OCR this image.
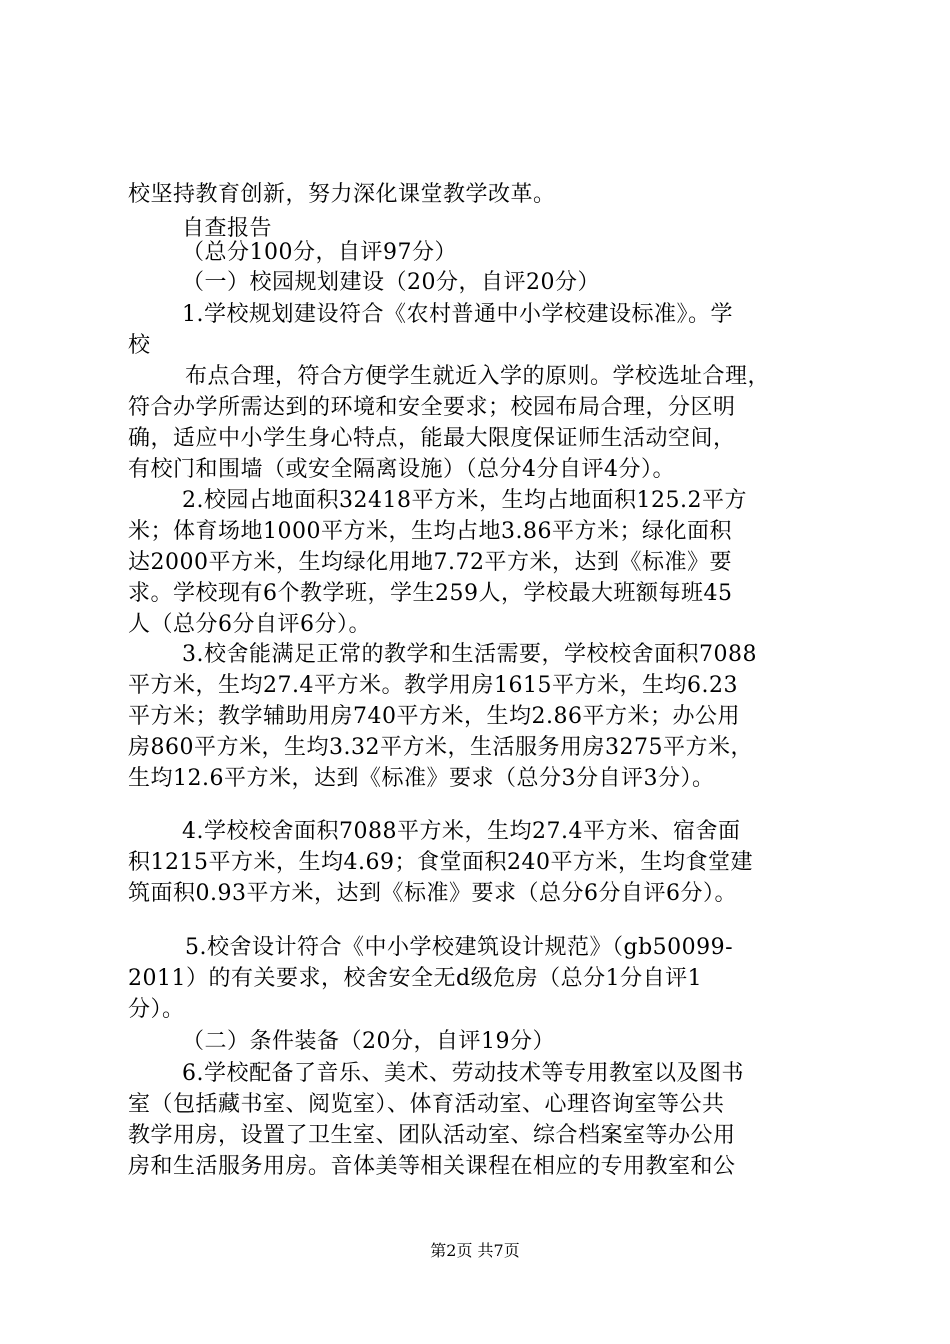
校坚持教育创新，努力深化课堂教学改革。
自查报告
（总分100分，自评97分）
（一）校园规划建设（20分，自评20分）
1.学校规划建设符合《农村普通中小学校建设标准》。学
校
布点合理，符合方便学生就近入学的原则。学校选址合理，
符合办学所需达到的环境和安全要求；校园布局合理，分区明
确，适应中小学生身心特点，能最大限度保证师生活动空间，
有校门和围墙（或安全隔离设施）（总分4分自评4分）。
2.校园占地面积32418平方米，生均占地面积125.2平方
米；体育场地1000平方米，生均占地3.86平方米；绿化面积
达2000平方米，生均绿化用地7.72平方米，达到《标准》要
求。学校现有6个教学班，学生259人，学校最大班额每班45
人（总分6分自评6分）。
3.校舍能满足正常的教学和生活需要，学校校舍面积7088
平方米，生均27.4平方米。教学用房1615平方米，生均6.23
平方米；教学辅助用房740平方米，生均2.86平方米；办公用
房860平方米，生均3.32平方米，生活服务用房3275平方米，
生均12.6平方米，达到《标准》要求（总分3分自评3分）。
4.学校校舍面积7088平方米，生均27.4平方米、宿舍面
积1215平方米，生均4.69；食堂面积240平方米，生均食堂建
筑面积0.93平方米，达到《标准》要求（总分6分自评6分）。
5.校舍设计符合《中小学校建筑设计规范》（gb50099-
2011）的有关要求，校舍安全无d级危房（总分1分自评1
分）。
（二）条件装备（20分，自评19分）
6.学校配备了音乐、美术、劳动技术等专用教室以及图书
室（包括藏书室、阅览室）、体育活动室、心理咨询室等公共
教学用房，设置了卫生室、团队活动室、综合档案室等办公用
房和生活服务用房。音体美等相关课程在相应的专用教室和公
第2页 共7页
